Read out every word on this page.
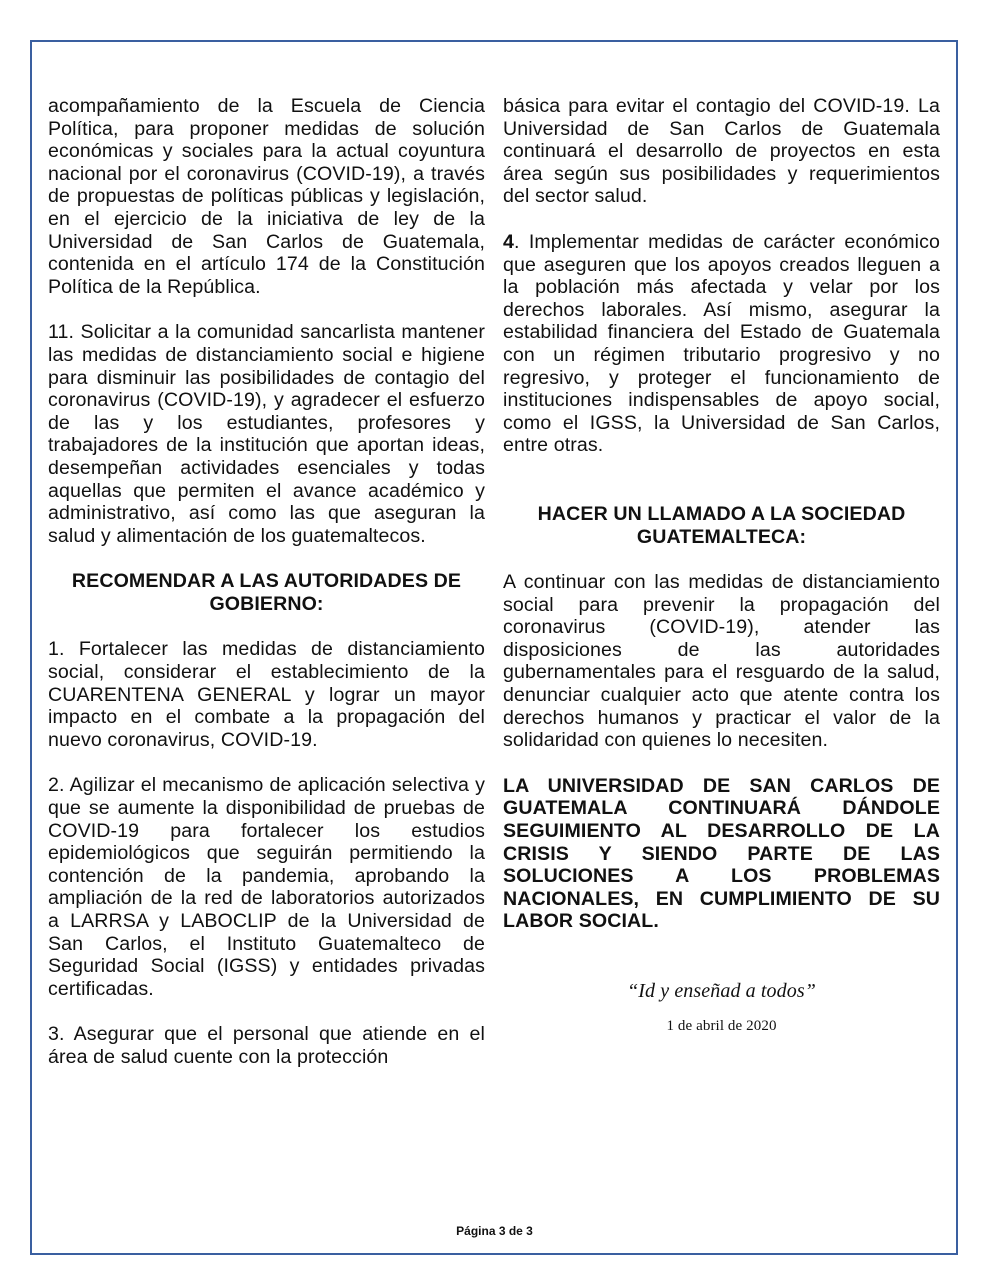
acompañamiento de la Escuela de Ciencia Política, para proponer medidas de solución económicas y sociales para la actual coyuntura nacional por el coronavirus (COVID-19), a través de propuestas de políticas públicas y legislación, en el ejercicio de la iniciativa de ley de la Universidad de San Carlos de Guatemala, contenida en el artículo 174 de la Constitución Política de la República.

11. Solicitar a la comunidad sancarlista mantener las medidas de distanciamiento social e higiene para disminuir las posibilidades de contagio del coronavirus (COVID-19), y agradecer el esfuerzo de las y los estudiantes, profesores y trabajadores de la institución que aportan ideas, desempeñan actividades esenciales y todas aquellas que permiten el avance académico y administrativo, así como las que aseguran la salud y alimentación de los guatemaltecos.

RECOMENDAR A LAS AUTORIDADES DE GOBIERNO:

1. Fortalecer las medidas de distanciamiento social, considerar el establecimiento de la CUARENTENA GENERAL y lograr un mayor impacto en el combate a la propagación del nuevo coronavirus, COVID-19.

2. Agilizar el mecanismo de aplicación selectiva y que se aumente la disponibilidad de pruebas de COVID-19 para fortalecer los estudios epidemiológicos que seguirán permitiendo la contención de la pandemia, aprobando la ampliación de la red de laboratorios autorizados a LARRSA y LABOCLIP de la Universidad de San Carlos, el Instituto Guatemalteco de Seguridad Social (IGSS) y entidades privadas certificadas.

3. Asegurar que el personal que atiende en el área de salud cuente con la protección

básica para evitar el contagio del COVID-19. La Universidad de San Carlos de Guatemala continuará el desarrollo de proyectos en esta área según sus posibilidades y requerimientos del sector salud.

4. Implementar medidas de carácter económico que aseguren que los apoyos creados lleguen a la población más afectada y velar por los derechos laborales. Así mismo, asegurar la estabilidad financiera del Estado de Guatemala con un régimen tributario progresivo y no regresivo, y proteger el funcionamiento de instituciones indispensables de apoyo social, como el IGSS, la Universidad de San Carlos, entre otras.

HACER UN LLAMADO A LA SOCIEDAD GUATEMALTECA:

A continuar con las medidas de distanciamiento social para prevenir la propagación del coronavirus (COVID-19), atender las disposiciones de las autoridades gubernamentales para el resguardo de la salud, denunciar cualquier acto que atente contra los derechos humanos y practicar el valor de la solidaridad con quienes lo necesiten.

LA UNIVERSIDAD DE SAN CARLOS DE GUATEMALA CONTINUARÁ DÁNDOLE SEGUIMIENTO AL DESARROLLO DE LA CRISIS Y SIENDO PARTE DE LAS SOLUCIONES A LOS PROBLEMAS NACIONALES, EN CUMPLIMIENTO DE SU LABOR SOCIAL.

“Id y enseñad a todos”

1 de abril de 2020

Página 3 de 3
